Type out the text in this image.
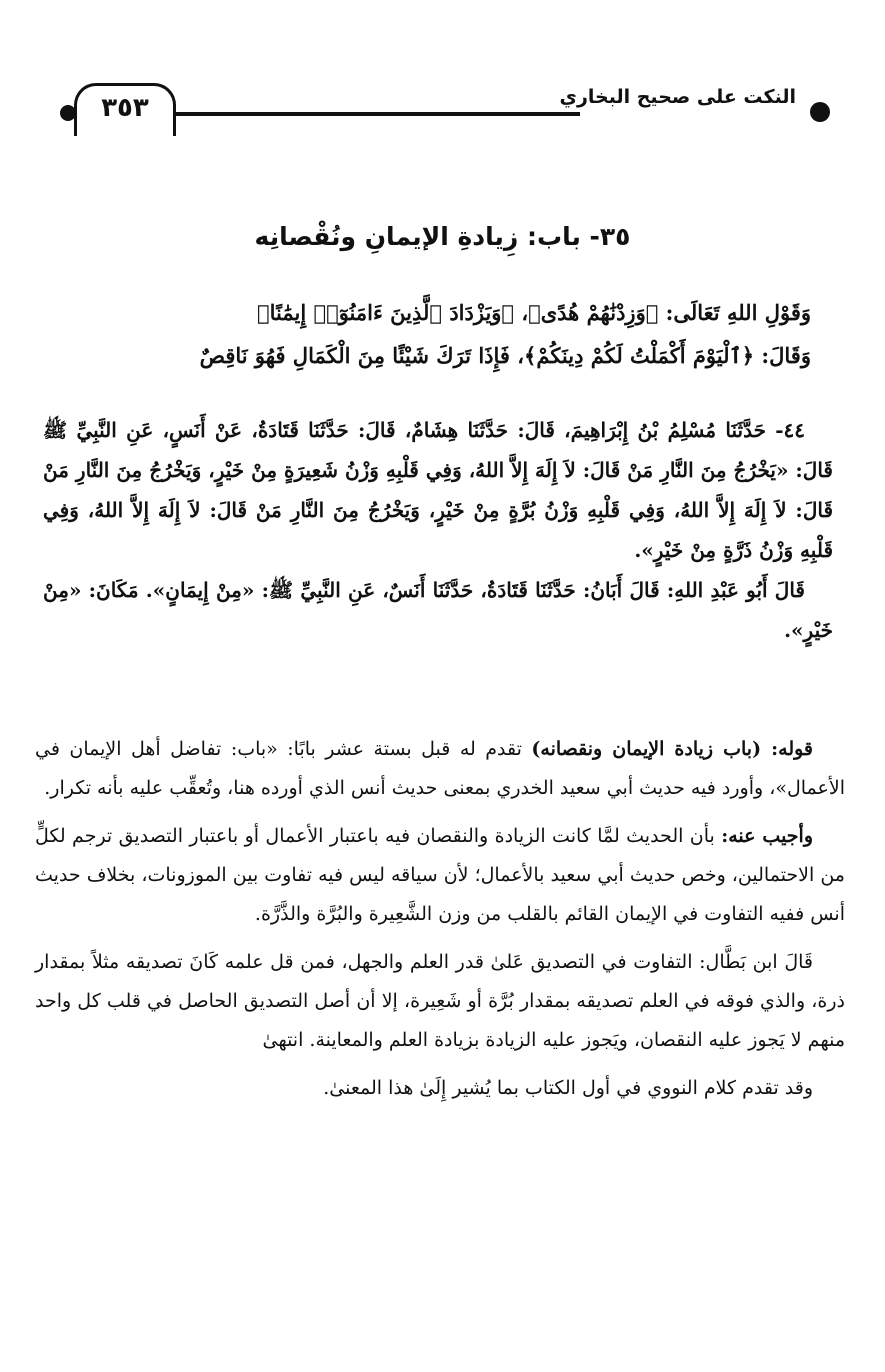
النكت على صحيح البخاري
٣٥٣
٣٥- باب: زِيادةِ الإيمانِ ونُقْصانِه
وَقَوْلِ اللهِ تَعَالَى: ﴿وَزِدْنَٰهُمْ هُدًى﴾، ﴿وَيَزْدَادَ ٱلَّذِينَ ءَامَنُوٓا۟ إِيمَٰنًا﴾
وَقَالَ: ﴿ٱلْيَوْمَ أَكْمَلْتُ لَكُمْ دِينَكُمْ﴾، فَإِذَا تَرَكَ شَيْئًا مِنَ الْكَمَالِ فَهُوَ نَاقِصٌ

٤٤- حَدَّثَنَا مُسْلِمُ بْنُ إِبْرَاهِيمَ، قَالَ: حَدَّثَنَا هِشَامٌ، قَالَ: حَدَّثَنَا قَتَادَةُ، عَنْ أَنَسٍ، عَنِ النَّبِيِّ ﷺ قَالَ: «يَخْرُجُ مِنَ النَّارِ مَنْ قَالَ: لاَ إِلَهَ إِلاَّ اللهُ، وَفِي قَلْبِهِ وَزْنُ شَعِيرَةٍ مِنْ خَيْرٍ، وَيَخْرُجُ مِنَ النَّارِ مَنْ قَالَ: لاَ إِلَهَ إِلاَّ اللهُ، وَفِي قَلْبِهِ وَزْنُ بُرَّةٍ مِنْ خَيْرٍ، وَيَخْرُجُ مِنَ النَّارِ مَنْ قَالَ: لاَ إِلَهَ إِلاَّ اللهُ، وَفِي قَلْبِهِ وَزْنُ ذَرَّةٍ مِنْ خَيْرٍ».

قَالَ أَبُو عَبْدِ اللهِ: قَالَ أَبَانُ: حَدَّثَنَا قَتَادَةُ، حَدَّثَنَا أَنَسٌ، عَنِ النَّبِيِّ ﷺ: «مِنْ إِيمَانٍ». مَكَانَ: «مِنْ خَيْرٍ».

قوله: (باب زيادة الإيمان ونقصانه) تقدم له قبل بستة عشر بابًا: «باب: تفاضل أهل الإيمان في الأعمال»، وأورد فيه حديث أبي سعيد الخدري بمعنى حديث أنس الذي أورده هنا، وتُعقِّب عليه بأنه تكرار.

وأجيب عنه: بأن الحديث لمَّا كانت الزيادة والنقصان فيه باعتبار الأعمال أو باعتبار التصديق ترجم لكلٍّ من الاحتمالين، وخص حديث أبي سعيد بالأعمال؛ لأن سياقه ليس فيه تفاوت بين الموزونات، بخلاف حديث أنس ففيه التفاوت في الإيمان القائم بالقلب من وزن الشَّعِيرة والبُرَّة والذَّرَّة.

قَالَ ابن بَطَّال: التفاوت في التصديق عَلىٰ قدر العلم والجهل، فمن قل علمه كَانَ تصديقه مثلاً بمقدار ذرة، والذي فوقه في العلم تصديقه بمقدار بُرَّة أو شَعِيرة، إلا أن أصل التصديق الحاصل في قلب كل واحد منهم لا يَجوز عليه النقصان، ويَجوز عليه الزيادة بزيادة العلم والمعاينة. انتهىٰ

وقد تقدم كلام النووي في أول الكتاب بما يُشير إِلَىٰ هذا المعنىٰ.
